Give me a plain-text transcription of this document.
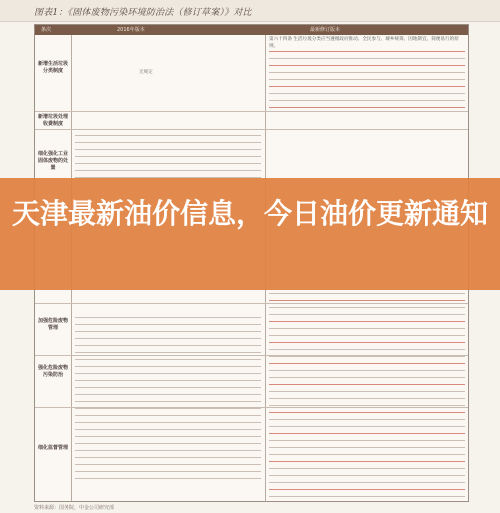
图表1：《固体废物污染环境防治法（修订草案）》对比
条次	2016年版本	最新修订版本
新增生活垃圾分类制度
新增垃圾处理收费制度
细化强化工业固体废物的处置
加强危险废物管理
强化危险废物污染防治
细化监督管理
无规定
第六十四条 生活垃圾分类应当遵循政府推动、全民参与、城乡统筹、因地制宜、简便易行的原则。
天津最新油价信息，今日油价更新通知
资料来源：国务院，中金公司研究部
